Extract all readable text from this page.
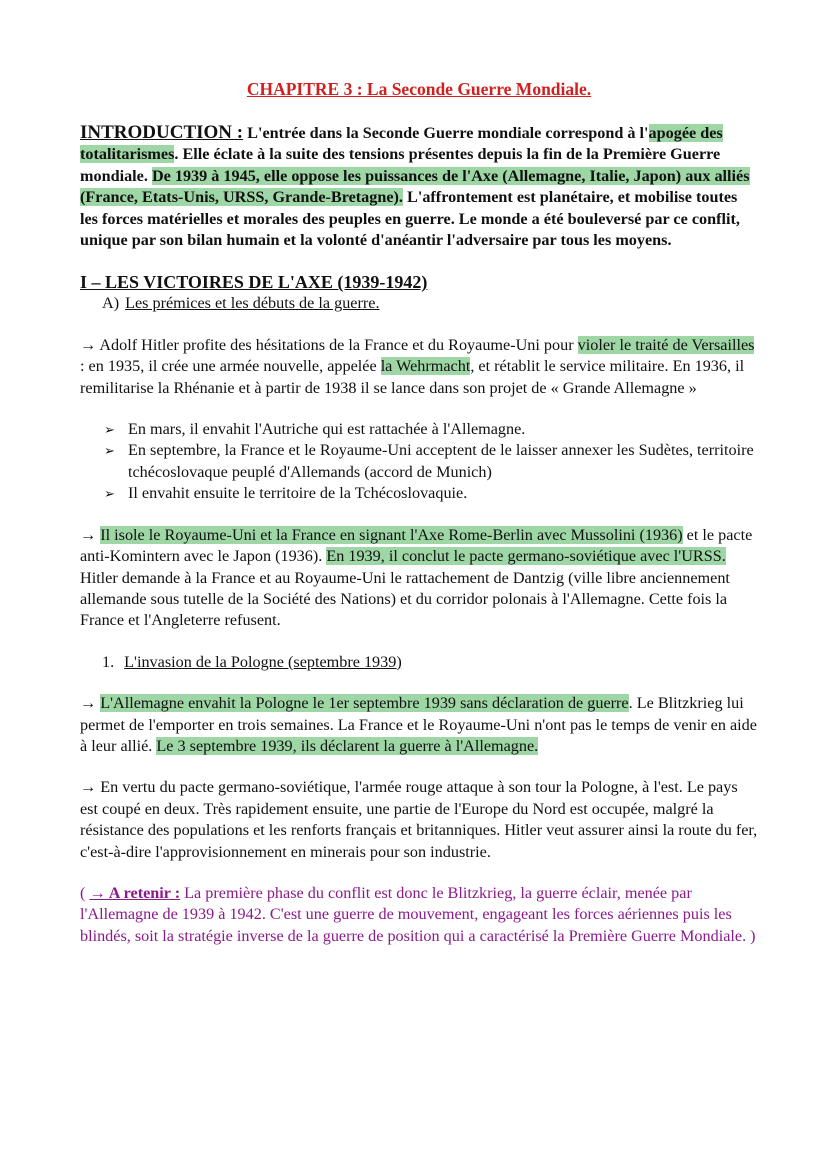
CHAPITRE 3 : La Seconde Guerre Mondiale.
INTRODUCTION : L'entrée dans la Seconde Guerre mondiale correspond à l'apogée des totalitarismes. Elle éclate à la suite des tensions présentes depuis la fin de la Première Guerre mondiale. De 1939 à 1945, elle oppose les puissances de l'Axe (Allemagne, Italie, Japon) aux alliés (France, Etats-Unis, URSS, Grande-Bretagne). L'affrontement est planétaire, et mobilise toutes les forces matérielles et morales des peuples en guerre. Le monde a été bouleversé par ce conflit, unique par son bilan humain et la volonté d'anéantir l'adversaire par tous les moyens.
I – LES VICTOIRES DE L'AXE (1939-1942)
A) Les prémices et les débuts de la guerre.

→ Adolf Hitler profite des hésitations de la France et du Royaume-Uni pour violer le traité de Versailles : en 1935, il crée une armée nouvelle, appelée la Wehrmacht, et rétablit le service militaire. En 1936, il remilitarise la Rhénanie et à partir de 1938 il se lance dans son projet de « Grande Allemagne »

➢ En mars, il envahit l'Autriche qui est rattachée à l'Allemagne.
➢ En septembre, la France et le Royaume-Uni acceptent de le laisser annexer les Sudètes, territoire tchécoslovaque peuplé d'Allemands (accord de Munich)
➢ Il envahit ensuite le territoire de la Tchécoslovaquie.

→ Il isole le Royaume-Uni et la France en signant l'Axe Rome-Berlin avec Mussolini (1936) et le pacte anti-Komintern avec le Japon (1936). En 1939, il conclut le pacte germano-soviétique avec l'URSS. Hitler demande à la France et au Royaume-Uni le rattachement de Dantzig (ville libre anciennement allemande sous tutelle de la Société des Nations) et du corridor polonais à l'Allemagne. Cette fois la France et l'Angleterre refusent.

1. L'invasion de la Pologne (septembre 1939)

→ L'Allemagne envahit la Pologne le 1er septembre 1939 sans déclaration de guerre. Le Blitzkrieg lui permet de l'emporter en trois semaines. La France et le Royaume-Uni n'ont pas le temps de venir en aide à leur allié. Le 3 septembre 1939, ils déclarent la guerre à l'Allemagne.

→ En vertu du pacte germano-soviétique, l'armée rouge attaque à son tour la Pologne, à l'est. Le pays est coupé en deux. Très rapidement ensuite, une partie de l'Europe du Nord est occupée, malgré la résistance des populations et les renforts français et britanniques. Hitler veut assurer ainsi la route du fer, c'est-à-dire l'approvisionnement en minerais pour son industrie.

( → A retenir : La première phase du conflit est donc le Blitzkrieg, la guerre éclair, menée par l'Allemagne de 1939 à 1942. C'est une guerre de mouvement, engageant les forces aériennes puis les blindés, soit la stratégie inverse de la guerre de position qui a caractérisé la Première Guerre Mondiale. )
